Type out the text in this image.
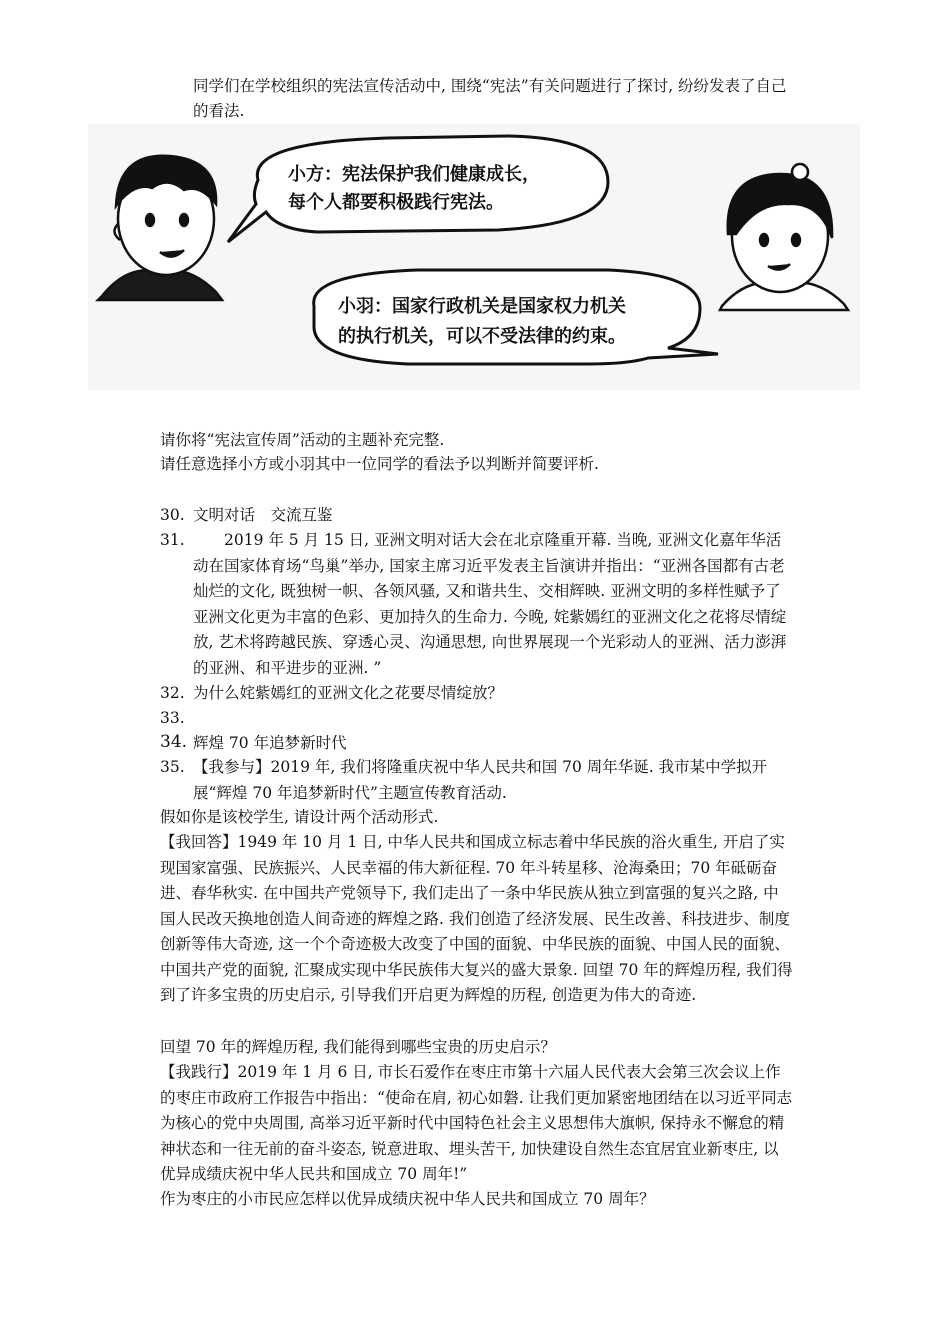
同学们在学校组织的宪法宣传活动中, 围绕“宪法”有关问题进行了探讨, 纷纷发表了自己的看法.
小方：宪法保护我们健康成长，
每个人都要积极践行宪法。
小羽：国家行政机关是国家权力机关
的执行机关，可以不受法律的约束。
请你将“宪法宣传周”活动的主题补充完整.
请任意选择小方或小羽其中一位同学的看法予以判断并简要评析.
30. 文明对话　交流互鉴
31. 　　2019 年 5 月 15 日, 亚洲文明对话大会在北京隆重开幕. 当晚, 亚洲文化嘉年华活动在国家体育场“鸟巢”举办, 国家主席习近平发表主旨演讲并指出：“亚洲各国都有古老灿烂的文化, 既独树一帜、各领风骚, 又和谐共生、交相辉映. 亚洲文明的多样性赋予了亚洲文化更为丰富的色彩、更加持久的生命力. 今晚, 姹紫嫣红的亚洲文化之花将尽情绽放, 艺术将跨越民族、穿透心灵、沟通思想, 向世界展现一个光彩动人的亚洲、活力澎湃的亚洲、和平进步的亚洲. ”
32. 为什么姹紫嫣红的亚洲文化之花要尽情绽放？
33.
34. 辉煌 70 年追梦新时代
35. 【我参与】2019 年, 我们将隆重庆祝中华人民共和国 70 周年华诞. 我市某中学拟开展“辉煌 70 年追梦新时代”主题宣传教育活动.
假如你是该校学生, 请设计两个活动形式.
【我回答】1949 年 10 月 1 日, 中华人民共和国成立标志着中华民族的浴火重生, 开启了实现国家富强、民族振兴、人民幸福的伟大新征程. 70 年斗转星移、沧海桑田；70 年砥砺奋进、春华秋实. 在中国共产党领导下, 我们走出了一条中华民族从独立到富强的复兴之路, 中国人民改天换地创造人间奇迹的辉煌之路. 我们创造了经济发展、民生改善、科技进步、制度创新等伟大奇迹, 这一个个奇迹极大改变了中国的面貌、中华民族的面貌、中国人民的面貌、中国共产党的面貌, 汇聚成实现中华民族伟大复兴的盛大景象. 回望 70 年的辉煌历程, 我们得到了许多宝贵的历史启示, 引导我们开启更为辉煌的历程, 创造更为伟大的奇迹.
回望 70 年的辉煌历程, 我们能得到哪些宝贵的历史启示？
【我践行】2019 年 1 月 6 日, 市长石爱作在枣庄市第十六届人民代表大会第三次会议上作的枣庄市政府工作报告中指出：“使命在肩, 初心如磐. 让我们更加紧密地团结在以习近平同志为核心的党中央周围, 高举习近平新时代中国特色社会主义思想伟大旗帜, 保持永不懈怠的精神状态和一往无前的奋斗姿态, 锐意进取、埋头苦干, 加快建设自然生态宜居宜业新枣庄, 以优异成绩庆祝中华人民共和国成立 70 周年!”
作为枣庄的小市民应怎样以优异成绩庆祝中华人民共和国成立 70 周年？
